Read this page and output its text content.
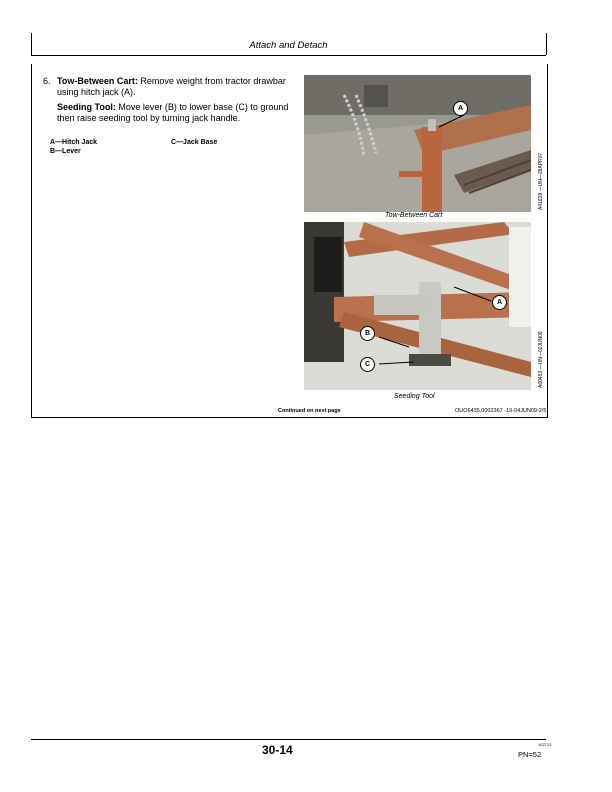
Attach and Detach
6. Tow-Between Cart: Remove weight from tractor drawbar using hitch jack (A).

Seeding Tool: Move lever (B) to lower base (C) to ground then raise seeding tool by turning jack handle.

A—Hitch Jack
B—Lever
C—Jack Base
A
Tow-Between Cart
A41839 —UN—28APR07
A
B
C
Seeding Tool
A60453 —UN—02JUN08
Continued on next page	OUO6435,0002367 -19-04JUN09-2/5
30-14	102713
PN=52
